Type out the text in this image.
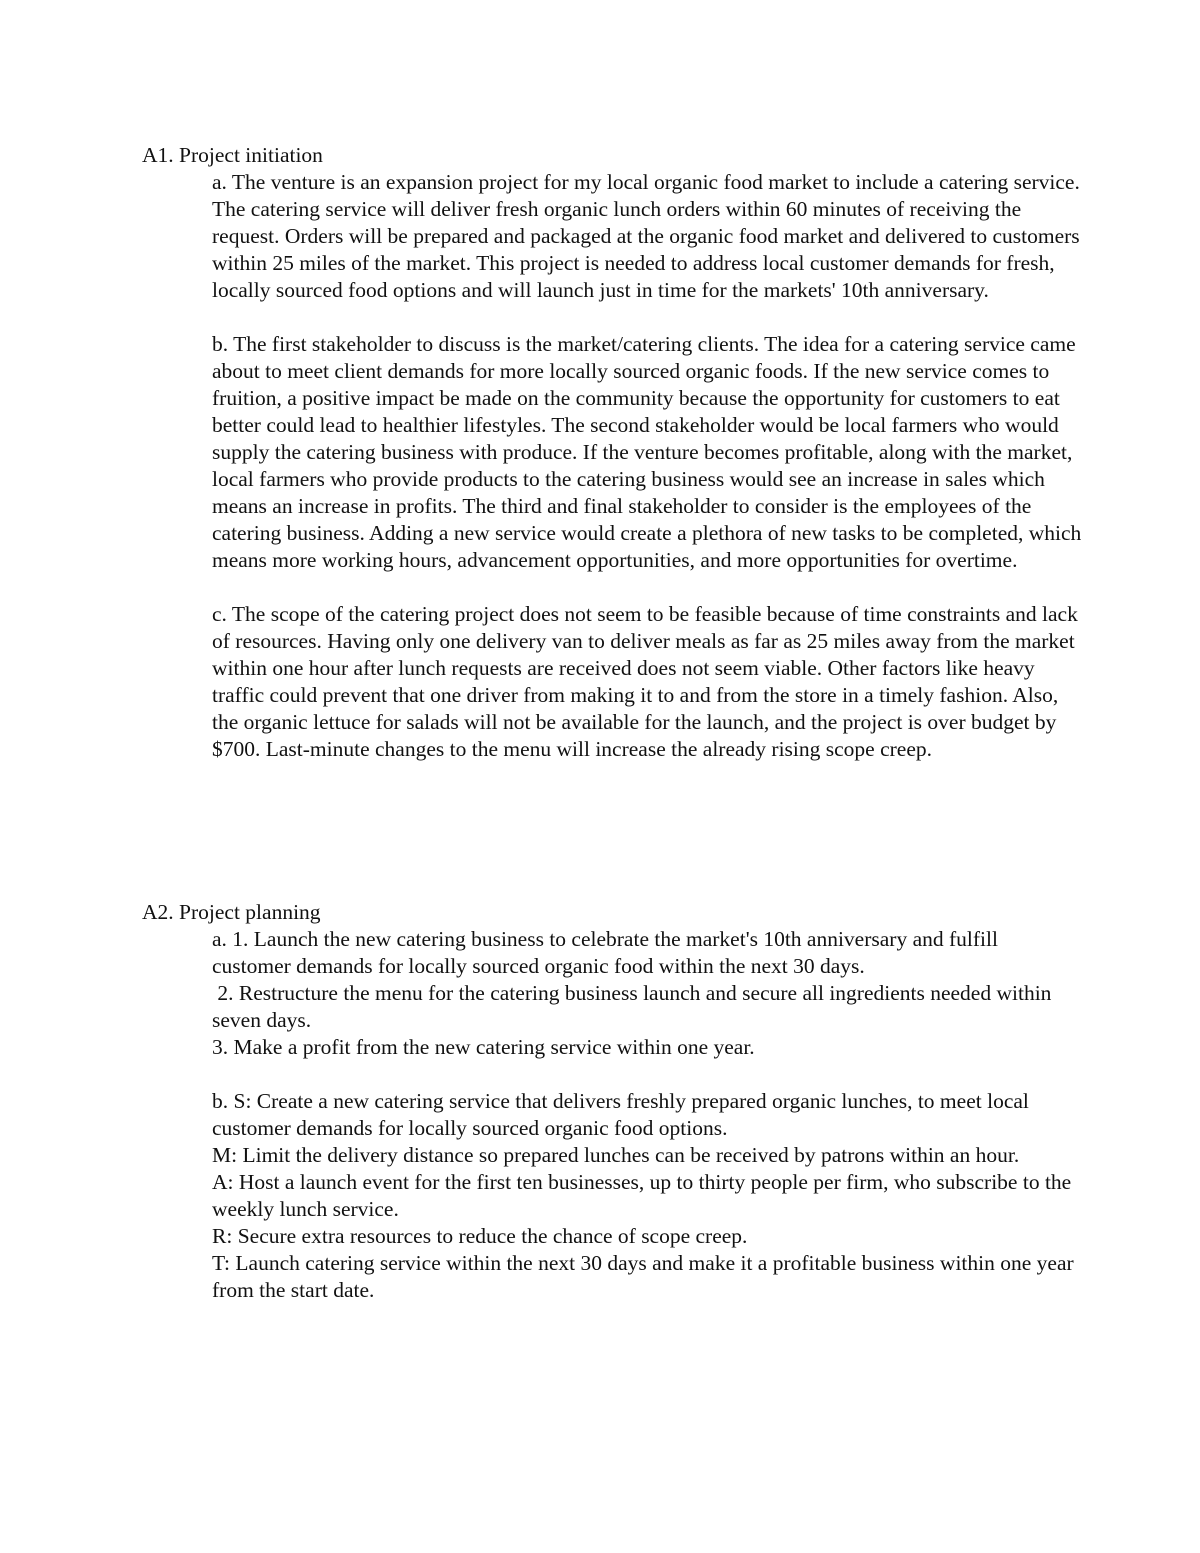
A1. Project initiation

a. The venture is an expansion project for my local organic food market to include a catering service. The catering service will deliver fresh organic lunch orders within 60 minutes of receiving the request. Orders will be prepared and packaged at the organic food market and delivered to customers within 25 miles of the market. This project is needed to address local customer demands for fresh, locally sourced food options and will launch just in time for the markets' 10th anniversary.

b. The first stakeholder to discuss is the market/catering clients. The idea for a catering service came about to meet client demands for more locally sourced organic foods. If the new service comes to fruition, a positive impact be made on the community because the opportunity for customers to eat better could lead to healthier lifestyles. The second stakeholder would be local farmers who would supply the catering business with produce. If the venture becomes profitable, along with the market, local farmers who provide products to the catering business would see an increase in sales which means an increase in profits. The third and final stakeholder to consider is the employees of the catering business. Adding a new service would create a plethora of new tasks to be completed, which means more working hours, advancement opportunities, and more opportunities for overtime.

c. The scope of the catering project does not seem to be feasible because of time constraints and lack of resources. Having only one delivery van to deliver meals as far as 25 miles away from the market within one hour after lunch requests are received does not seem viable. Other factors like heavy traffic could prevent that one driver from making it to and from the store in a timely fashion. Also, the organic lettuce for salads will not be available for the launch, and the project is over budget by $700. Last-minute changes to the menu will increase the already rising scope creep.

A2. Project planning

a. 1. Launch the new catering business to celebrate the market's 10th anniversary and fulfill customer demands for locally sourced organic food within the next 30 days.

2. Restructure the menu for the catering business launch and secure all ingredients needed within seven days.

3. Make a profit from the new catering service within one year.

b. S: Create a new catering service that delivers freshly prepared organic lunches, to meet local customer demands for locally sourced organic food options.

M: Limit the delivery distance so prepared lunches can be received by patrons within an hour.

A: Host a launch event for the first ten businesses, up to thirty people per firm, who subscribe to the weekly lunch service.

R: Secure extra resources to reduce the chance of scope creep.

T: Launch catering service within the next 30 days and make it a profitable business within one year from the start date.
